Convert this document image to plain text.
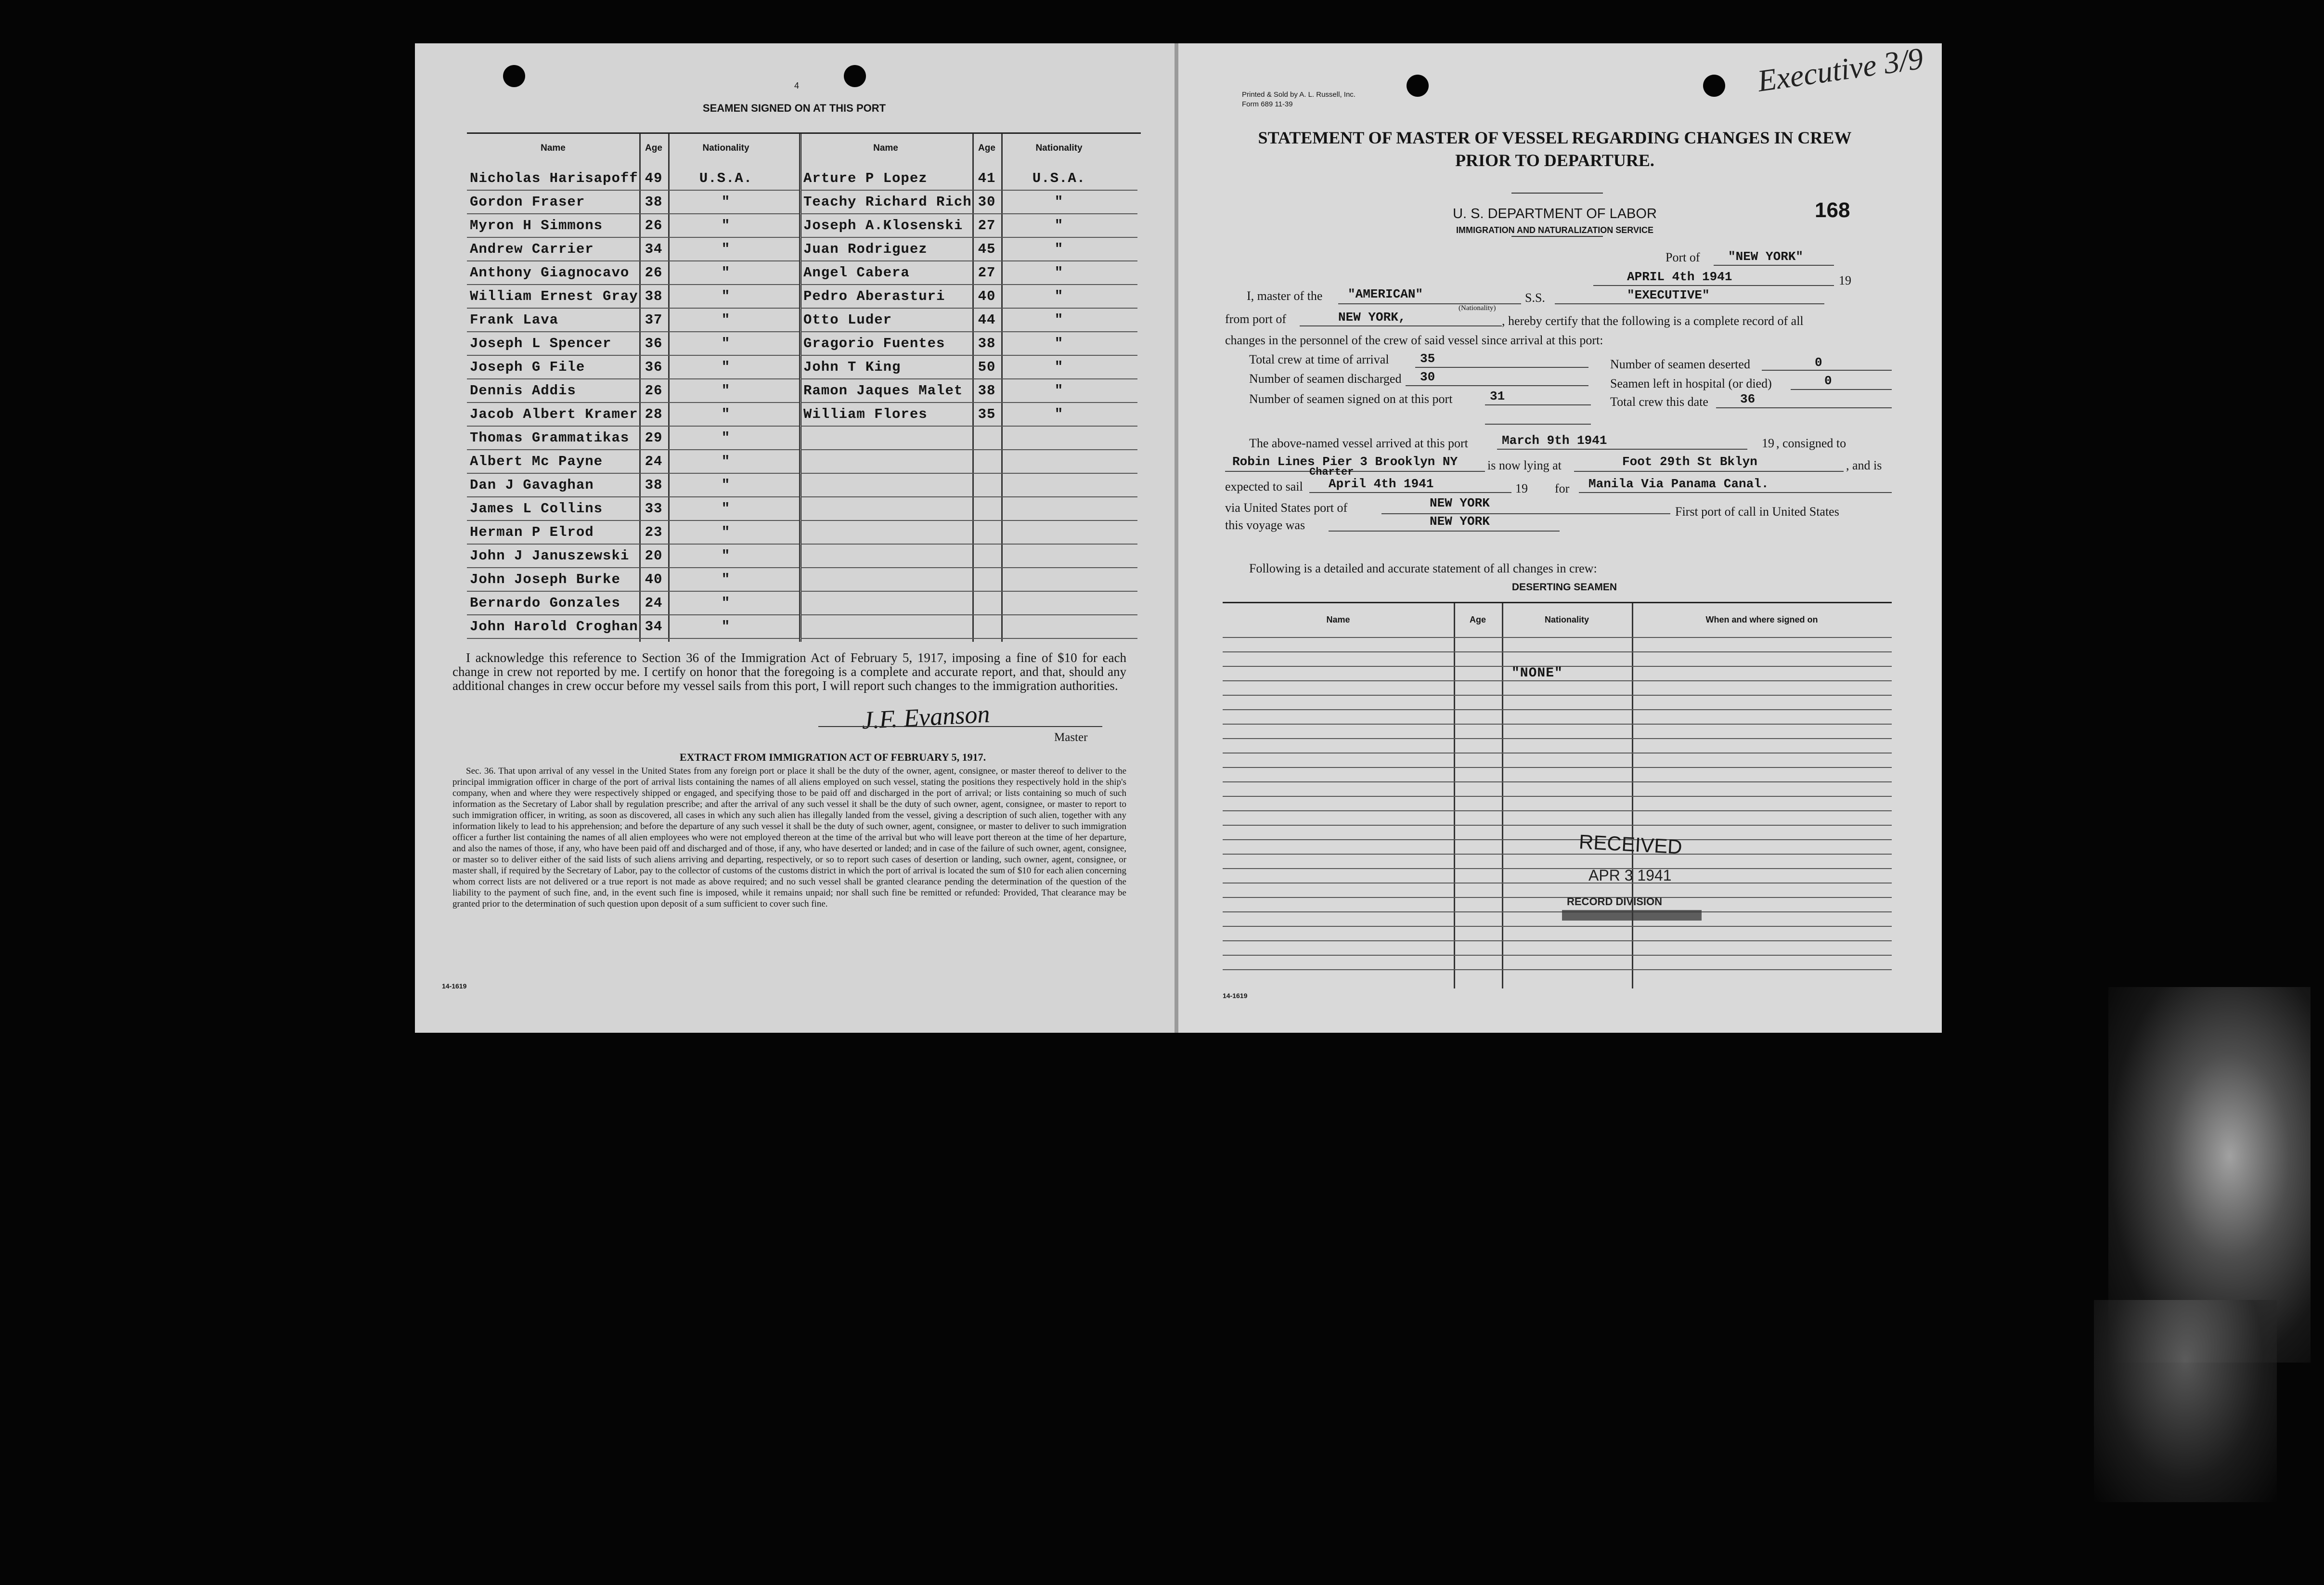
4
SEAMEN SIGNED ON AT THIS PORT
Name	Age	Nationality	Name	Age	Nationality
Nicholas Harisapoff 49	U.S.A.
Gordon Fraser	38	"
Myron H Simmons	26	"
Andrew Carrier	34	"
Anthony Giagnocavo	26	"
William Ernest Gray 38	"
Frank Lava	37	"
Joseph L Spencer	36	"
Joseph G File	36	"
Dennis Addis	26	"
Jacob Albert Kramer 28	"
Thomas Grammatikas	29	"
Albert Mc Payne	24	"
Dan J Gavaghan	38	"
James L Collins	33	"
Herman P Elrod	23	"
John J Januszewski	20	"
John Joseph Burke	40	"
Bernardo Gonzales	24	"
John Harold Croghan 34	"
Arture P Lopez	41	U.S.A.
Teachy Richard Rich 30	"
Joseph A.Klosenski	27	"
Juan Rodriguez	45	"
Angel Cabera	27	"
Pedro Aberasturi	40	"
Otto Luder	44	"
Gragorio Fuentes	38	"
John T King	50	"
Ramon Jaques Malet	38	"
William Flores	35	"
I acknowledge this reference to Section 36 of the Immigration Act of February 5, 1917, imposing a fine of $10 for each change in crew not reported by me. I certify on honor that the foregoing is a complete and accurate report, and that, should any additional changes in crew occur before my vessel sails from this port, I will report such changes to the immigration authorities.
J.F. Evanson
Master
EXTRACT FROM IMMIGRATION ACT OF FEBRUARY 5, 1917.
Sec. 36. That upon arrival of any vessel in the United States from any foreign port or place it shall be the duty of the owner, agent, consignee, or master thereof to deliver to the principal immigration officer in charge of the port of arrival lists containing the names of all aliens employed on such vessel, stating the positions they respectively hold in the ship's company, when and where they were respectively shipped or engaged, and specifying those to be paid off and discharged in the port of arrival; or lists containing so much of such information as the Secretary of Labor shall by regulation prescribe; and after the arrival of any such vessel it shall be the duty of such owner, agent, consignee, or master to report to such immigration officer, in writing, as soon as discovered, all cases in which any such alien has illegally landed from the vessel, giving a description of such alien, together with any information likely to lead to his apprehension; and before the departure of any such vessel it shall be the duty of such owner, agent, consignee, or master to deliver to such immigration officer a further list containing the names of all alien employees who were not employed thereon at the time of the arrival but who will leave port thereon at the time of her departure, and also the names of those, if any, who have been paid off and discharged and of those, if any, who have deserted or landed; and in case of the failure of such owner, agent, consignee, or master so to deliver either of the said lists of such aliens arriving and departing, respectively, or so to report such cases of desertion or landing, such owner, agent, consignee, or master shall, if required by the Secretary of Labor, pay to the collector of customs of the customs district in which the port of arrival is located the sum of $10 for each alien concerning whom correct lists are not delivered or a true report is not made as above required; and no such vessel shall be granted clearance pending the determination of the question of the liability to the payment of such fine, and, in the event such fine is imposed, while it remains unpaid; nor shall such fine be remitted or refunded: Provided, That clearance may be granted prior to the determination of such question upon deposit of a sum sufficient to cover such fine.
14-1619
Printed & Sold by A. L. Russell, Inc.
Form 689 11-39
Executive 3/9
STATEMENT OF MASTER OF VESSEL REGARDING CHANGES IN CREW
PRIOR TO DEPARTURE.
U. S. DEPARTMENT OF LABOR
IMMIGRATION AND NATURALIZATION SERVICE
168
Port of "NEW YORK"
APRIL 4th 1941	19
I, master of the "AMERICAN"
(Nationality)
S.S.	"EXECUTIVE"
from port of	NEW YORK,	, hereby certify that the following is a complete record of all
changes in the personnel of the crew of said vessel since arrival at this port:
Total crew at time of arrival 35	Number of seamen deserted	0
Number of seamen discharged 30	Seamen left in hospital (or died)	0
Number of seamen signed on at this port	31	Total crew this date	36
The above-named vessel arrived at this port	March 9th 1941	19 , consigned to
Robin Lines Pier 3 Brooklyn NY is now lying at	Foot 29th St Bklyn	, and is
Charter
expected to sail April 4th 1941	19 for Manila Via Panama Canal.
via United States port of	NEW YORK
First port of call in United States
this voyage was	NEW YORK
Following is a detailed and accurate statement of all changes in crew:
DESERTING SEAMEN
Name	Age	Nationality	When and where signed on
"NONE"
RECEIVED
APR 3 1941
RECORD DIVISION
14-1619
